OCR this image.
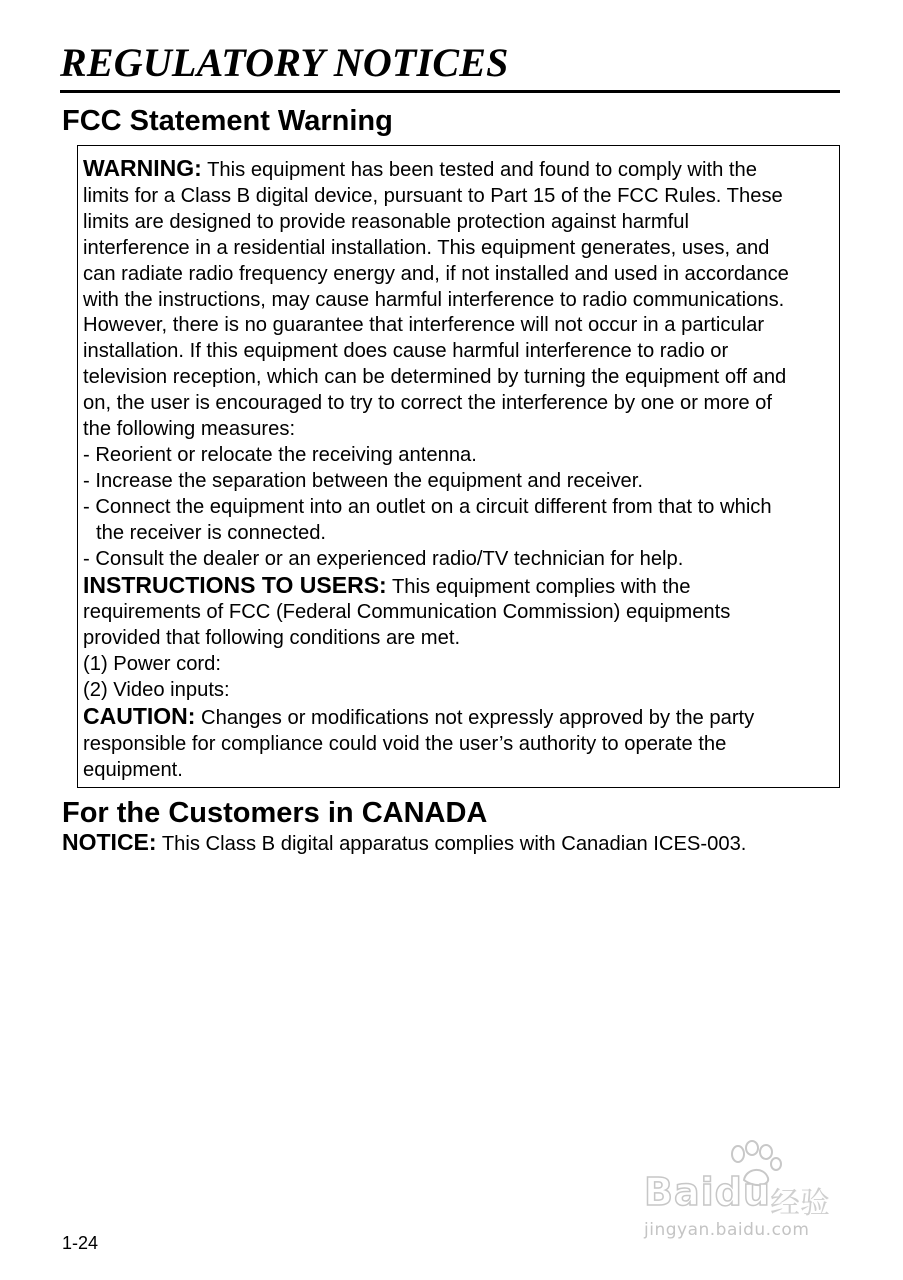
REGULATORY NOTICES
FCC Statement Warning
WARNING: This equipment has been tested and found to comply with the
limits for a Class B digital device, pursuant to Part 15 of the FCC Rules. These
limits are designed to provide reasonable protection against harmful
interference in a residential installation. This equipment generates, uses, and
can radiate radio frequency energy and, if not installed and used in accordance
with the instructions, may cause harmful interference to radio communications.
However, there is no guarantee that interference will not occur in a particular
installation. If this equipment does cause harmful interference to radio or
television reception, which can be determined by turning the equipment off and
on, the user is encouraged to try to correct the interference by one or more of
the following measures:
- Reorient or relocate the receiving antenna.
- Increase the separation between the equipment and receiver.
- Connect the equipment into an outlet on a circuit different from that to which
the receiver is connected.
- Consult the dealer or an experienced radio/TV technician for help.
INSTRUCTIONS TO USERS: This equipment complies with the
requirements of FCC (Federal Communication Commission) equipments
provided that following conditions are met.
(1) Power cord:
(2) Video inputs:
CAUTION: Changes or modifications not expressly approved by the party
responsible for compliance could void the user’s authority to operate the
equipment.
For the Customers in CANADA
NOTICE: This Class B digital apparatus complies with Canadian ICES-003.
1-24
Baidu 经验
jingyan.baidu.com
